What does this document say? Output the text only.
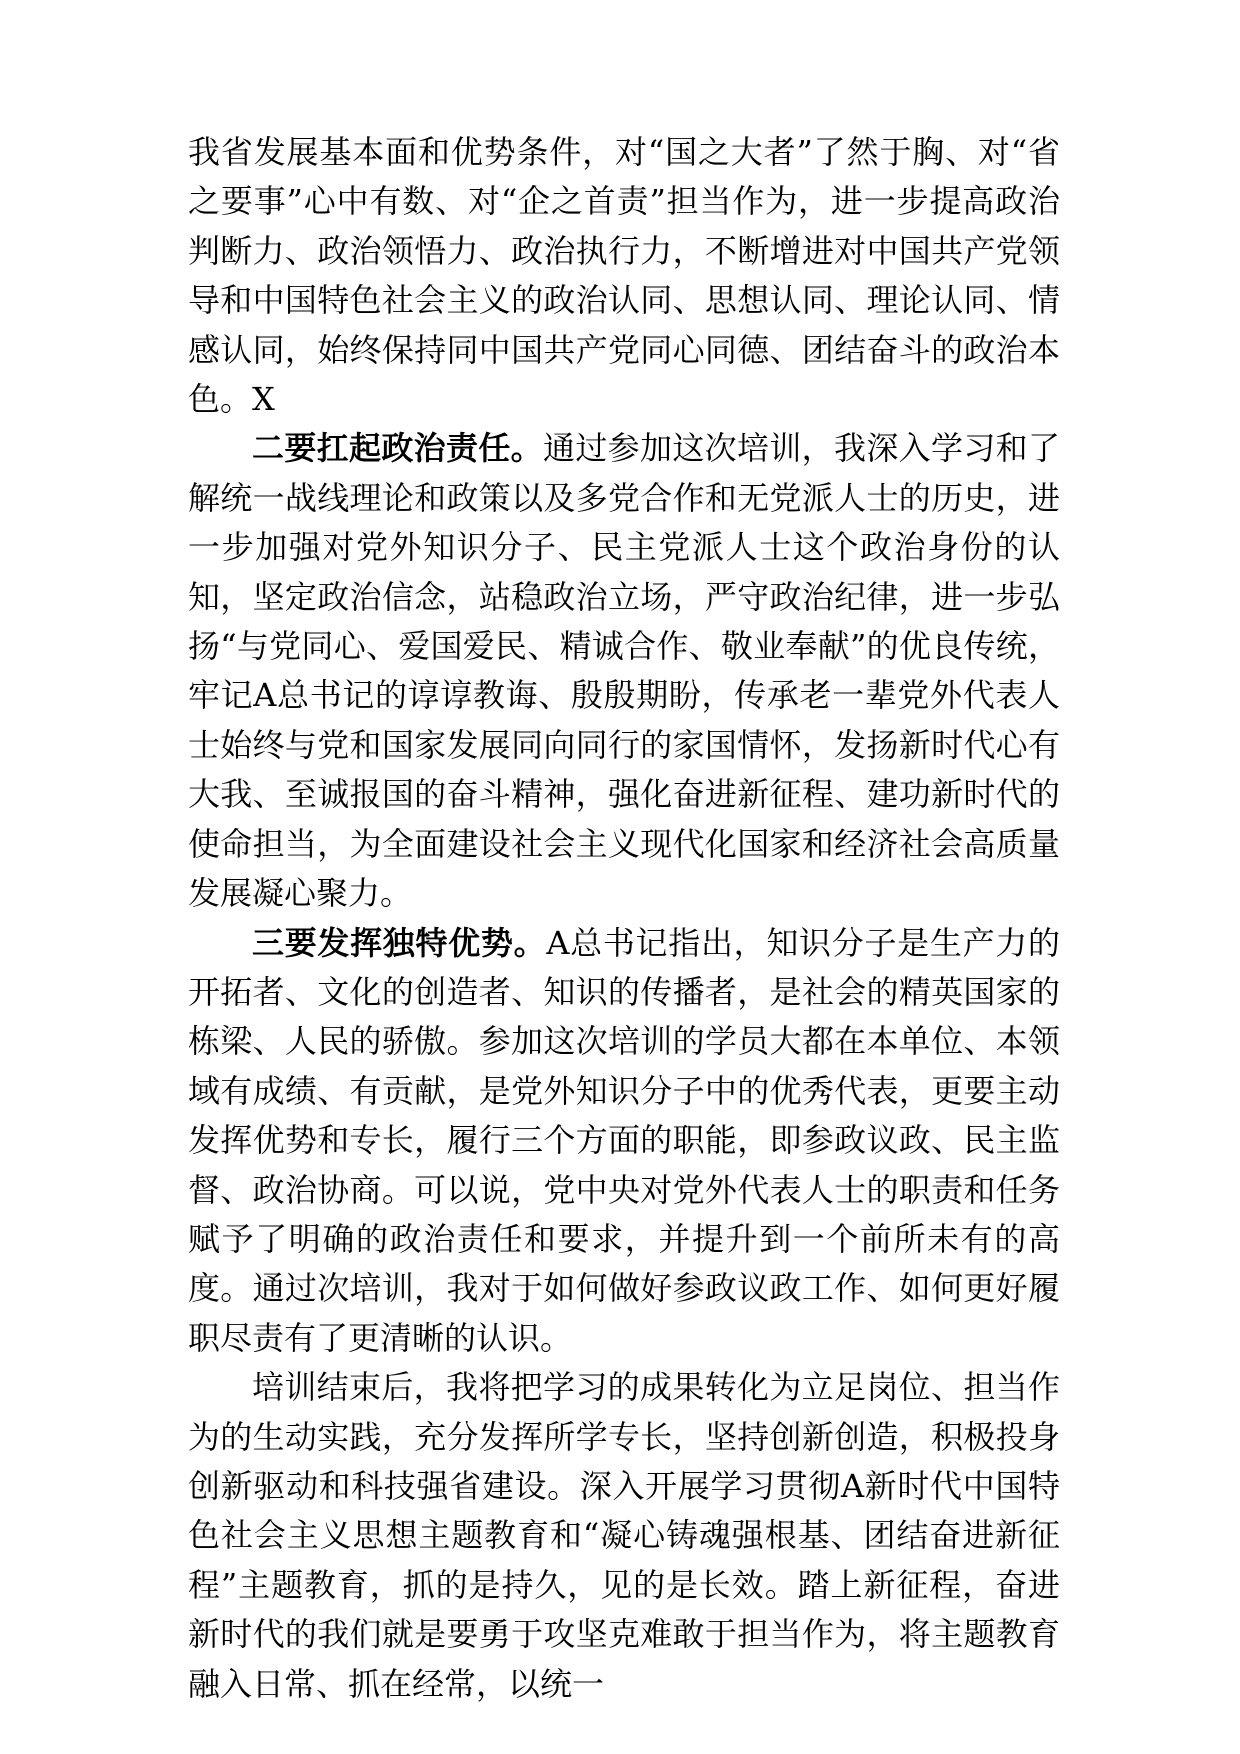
我省发展基本面和优势条件，对“国之大者”了然于胸、对“省之要事”心中有数、对“企之首责”担当作为，进一步提高政治判断力、政治领悟力、政治执行力，不断增进对中国共产党领导和中国特色社会主义的政治认同、思想认同、理论认同、情感认同，始终保持同中国共产党同心同德、团结奋斗的政治本色。X

二要扛起政治责任。通过参加这次培训，我深入学习和了解统一战线理论和政策以及多党合作和无党派人士的历史，进一步加强对党外知识分子、民主党派人士这个政治身份的认知，坚定政治信念，站稳政治立场，严守政治纪律，进一步弘扬“与党同心、爱国爱民、精诚合作、敬业奉献”的优良传统，牢记A总书记的谆谆教诲、殷殷期盼，传承老一辈党外代表人士始终与党和国家发展同向同行的家国情怀，发扬新时代心有大我、至诚报国的奋斗精神，强化奋进新征程、建功新时代的使命担当，为全面建设社会主义现代化国家和经济社会高质量发展凝心聚力。

三要发挥独特优势。A总书记指出，知识分子是生产力的开拓者、文化的创造者、知识的传播者，是社会的精英国家的栋梁、人民的骄傲。参加这次培训的学员大都在本单位、本领域有成绩、有贡献，是党外知识分子中的优秀代表，更要主动发挥优势和专长，履行三个方面的职能，即参政议政、民主监督、政治协商。可以说，党中央对党外代表人士的职责和任务赋予了明确的政治责任和要求，并提升到一个前所未有的高度。通过次培训，我对于如何做好参政议政工作、如何更好履职尽责有了更清晰的认识。

培训结束后，我将把学习的成果转化为立足岗位、担当作为的生动实践，充分发挥所学专长，坚持创新创造，积极投身创新驱动和科技强省建设。深入开展学习贯彻A新时代中国特色社会主义思想主题教育和“凝心铸魂强根基、团结奋进新征程”主题教育，抓的是持久，见的是长效。踏上新征程，奋进新时代的我们就是要勇于攻坚克难敢于担当作为，将主题教育融入日常、抓在经常，以统一
